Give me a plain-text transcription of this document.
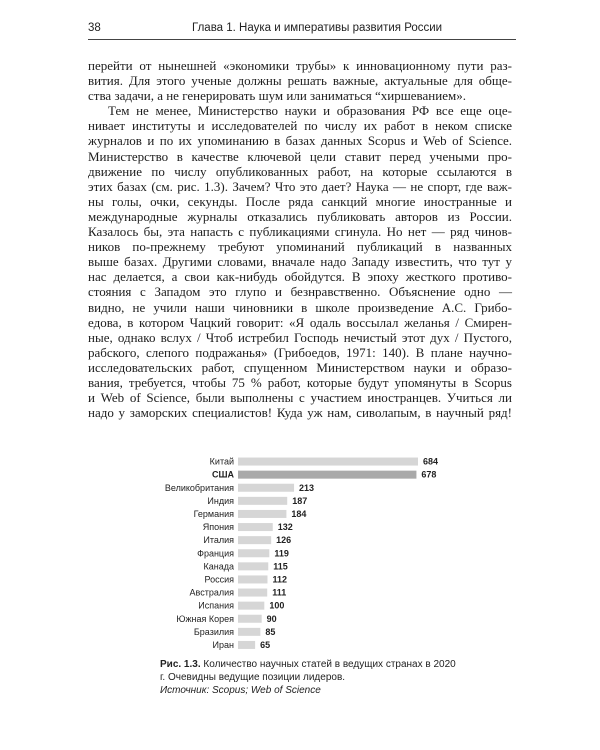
38	Глава 1. Наука и императивы развития России
перейти от нынешней «экономики трубы» к инновационному пути раз-
вития. Для этого ученые должны решать важные, актуальные для обще-
ства задачи, а не генерировать шум или заниматься “хиршеванием».
Тем не менее, Министерство науки и образования РФ все еще оце-
нивает институты и исследователей по числу их работ в неком списке
журналов и по их упоминанию в базах данных Scopus и Web of Science.
Министерство в качестве ключевой цели ставит перед учеными про-
движение по числу опубликованных работ, на которые ссылаются в
этих базах (см. рис. 1.3). Зачем? Что это дает? Наука — не спорт, где важ-
ны голы, очки, секунды. После ряда санкций многие иностранные и
международные журналы отказались публиковать авторов из России.
Казалось бы, эта напасть с публикациями сгинула. Но нет — ряд чинов-
ников по-прежнему требуют упоминаний публикаций в названных
выше базах. Другими словами, вначале надо Западу известить, что тут у
нас делается, а свои как-нибудь обойдутся. В эпоху жесткого противо-
стояния с Западом это глупо и безнравственно. Объяснение одно —
видно, не учили наши чиновники в школе произведение А.С. Грибо-
едова, в котором Чацкий говорит: «Я одаль воссылал желанья / Смирен-
ные, однако вслух / Чтоб истребил Господь нечистый этот дух / Пустого,
рабского, слепого подражанья» (Грибоедов, 1971: 140). В плане научно-
исследовательских работ, спущенном Министерством науки и образо-
вания, требуется, чтобы 75 % работ, которые будут упомянуты в Scopus
и Web of Science, были выполнены с участием иностранцев. Учиться ли
надо у заморских специалистов! Куда уж нам, сиволапым, в научный ряд!
Китай	684
США	678
Великобритания	213
Индия	187
Германия	184
Япония	132
Италия	126
Франция	119
Канада	115
Россия	112
Австралия	111
Испания	100
Южная Корея	90
Бразилия	85
Иран	65
Рис. 1.3. Количество научных статей в ведущих странах в 2020 г. Очевидны ведущие позиции лидеров.
Источник: Scopus; Web of Science
